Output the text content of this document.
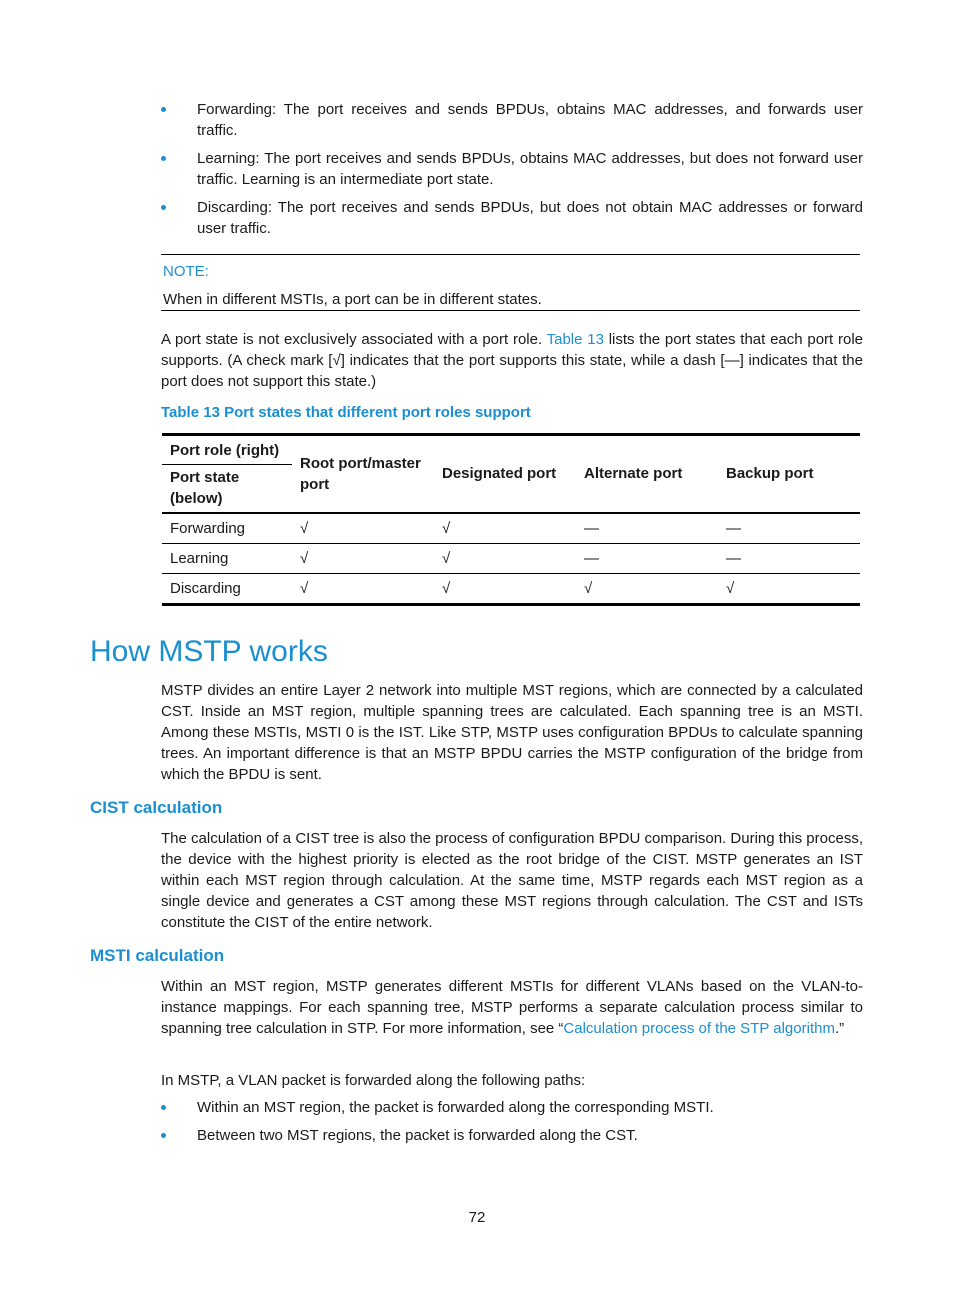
Forwarding: The port receives and sends BPDUs, obtains MAC addresses, and forwards user traffic.
Learning: The port receives and sends BPDUs, obtains MAC addresses, but does not forward user traffic. Learning is an intermediate port state.
Discarding: The port receives and sends BPDUs, but does not obtain MAC addresses or forward user traffic.
NOTE:
When in different MSTIs, a port can be in different states.
A port state is not exclusively associated with a port role. Table 13 lists the port states that each port role supports. (A check mark [√] indicates that the port supports this state, while a dash [—] indicates that the port does not support this state.)
Table 13 Port states that different port roles support
Port role (right)	Root port/master port	Designated port	Alternate port	Backup port
Port state (below)				
Forwarding	√	√	—	—
Learning	√	√	—	—
Discarding	√	√	√	√
How MSTP works
MSTP divides an entire Layer 2 network into multiple MST regions, which are connected by a calculated CST. Inside an MST region, multiple spanning trees are calculated. Each spanning tree is an MSTI. Among these MSTIs, MSTI 0 is the IST. Like STP, MSTP uses configuration BPDUs to calculate spanning trees. An important difference is that an MSTP BPDU carries the MSTP configuration of the bridge from which the BPDU is sent.
CIST calculation
The calculation of a CIST tree is also the process of configuration BPDU comparison. During this process, the device with the highest priority is elected as the root bridge of the CIST. MSTP generates an IST within each MST region through calculation. At the same time, MSTP regards each MST region as a single device and generates a CST among these MST regions through calculation. The CST and ISTs constitute the CIST of the entire network.
MSTI calculation
Within an MST region, MSTP generates different MSTIs for different VLANs based on the VLAN-to-instance mappings. For each spanning tree, MSTP performs a separate calculation process similar to spanning tree calculation in STP. For more information, see “Calculation process of the STP algorithm.”
In MSTP, a VLAN packet is forwarded along the following paths:
Within an MST region, the packet is forwarded along the corresponding MSTI.
Between two MST regions, the packet is forwarded along the CST.
72
